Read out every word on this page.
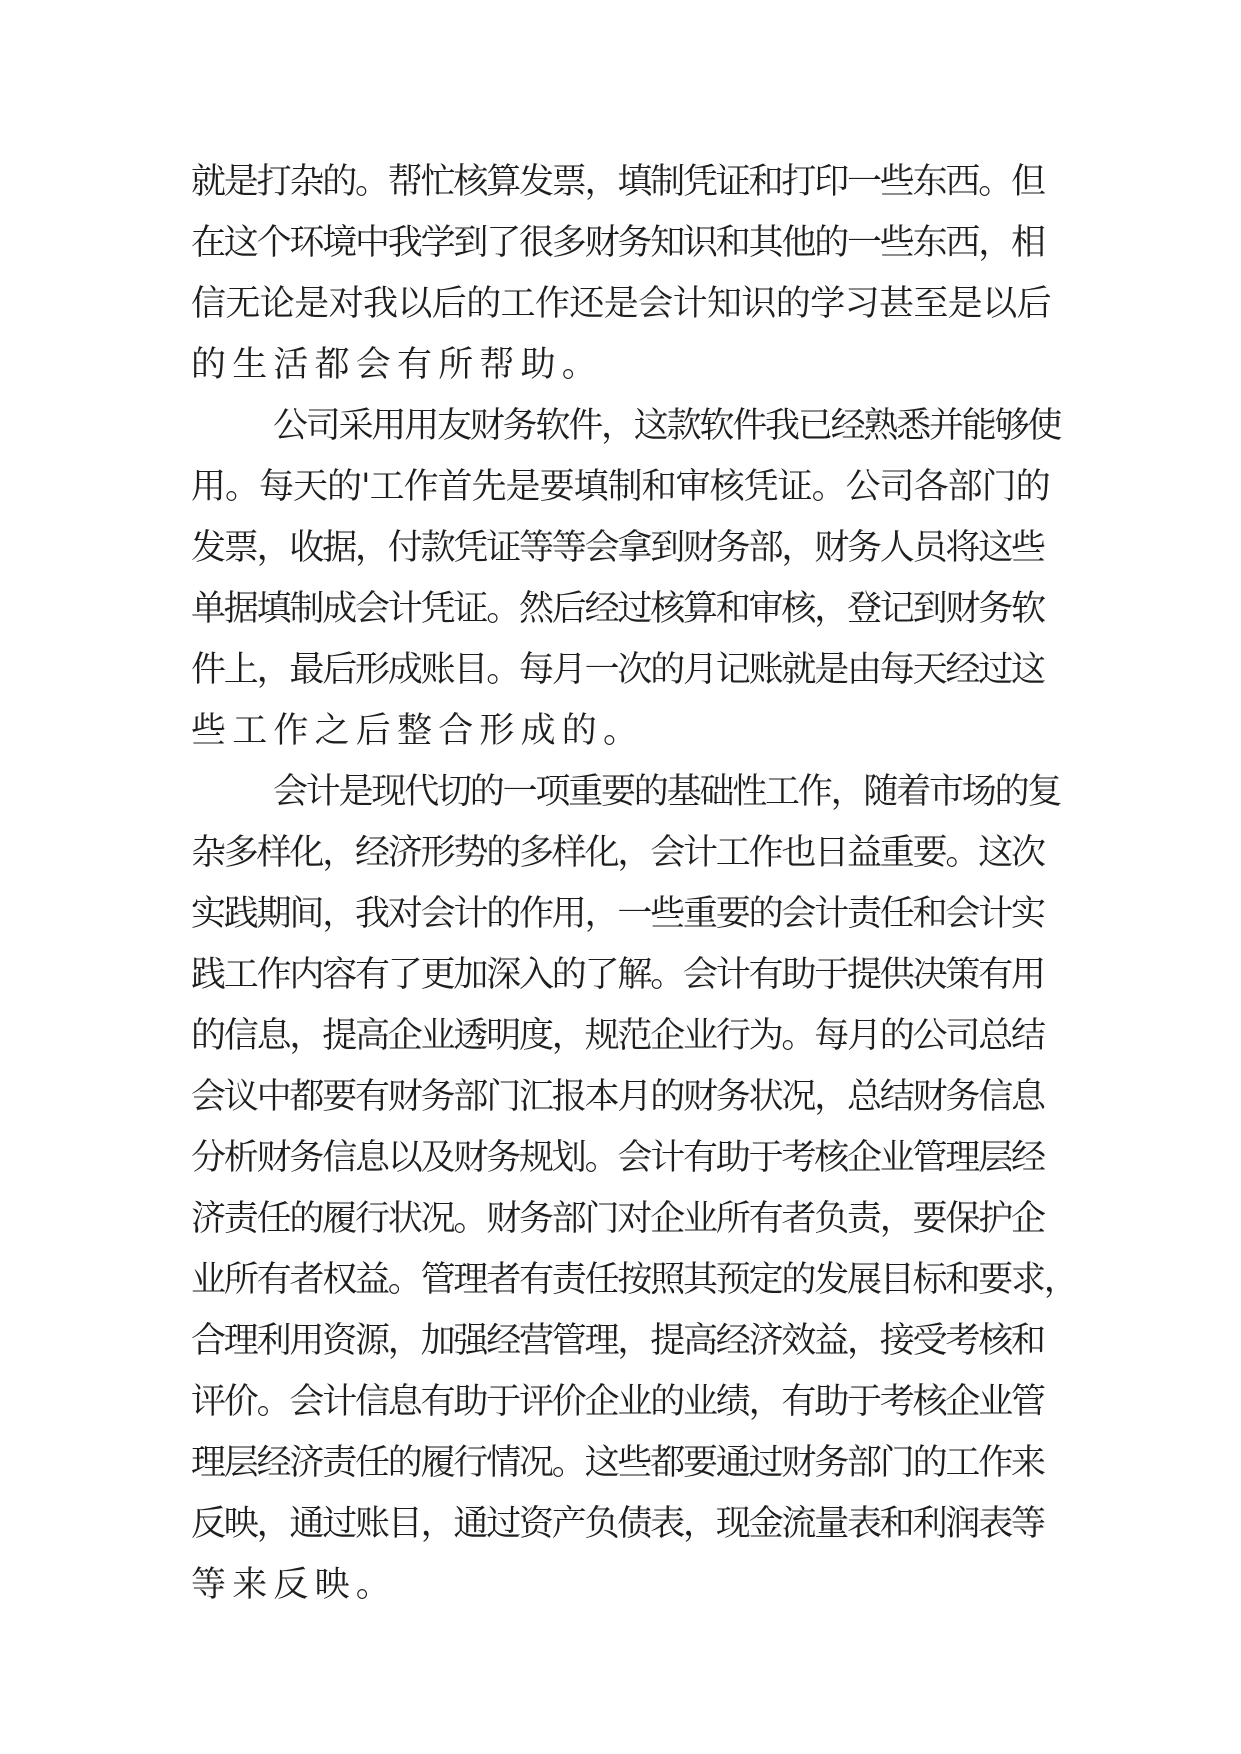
就是打杂的。帮忙核算发票，填制凭证和打印一些东西。但
在这个环境中我学到了很多财务知识和其他的一些东西，相
信无论是对我以后的工作还是会计知识的学习甚至是以后
的生活都会有所帮助。
公司采用用友财务软件，这款软件我已经熟悉并能够使
用。每天的'工作首先是要填制和审核凭证。公司各部门的
发票，收据，付款凭证等等会拿到财务部，财务人员将这些
单据填制成会计凭证。然后经过核算和审核，登记到财务软
件上，最后形成账目。每月一次的月记账就是由每天经过这
些工作之后整合形成的。
会计是现代切的一项重要的基础性工作，随着市场的复
杂多样化，经济形势的多样化，会计工作也日益重要。这次
实践期间，我对会计的作用，一些重要的会计责任和会计实
践工作内容有了更加深入的了解。会计有助于提供决策有用
的信息，提高企业透明度，规范企业行为。每月的公司总结
会议中都要有财务部门汇报本月的财务状况，总结财务信息
分析财务信息以及财务规划。会计有助于考核企业管理层经
济责任的履行状况。财务部门对企业所有者负责，要保护企
业所有者权益。管理者有责任按照其预定的发展目标和要求，
合理利用资源，加强经营管理，提高经济效益，接受考核和
评价。会计信息有助于评价企业的业绩，有助于考核企业管
理层经济责任的履行情况。这些都要通过财务部门的工作来
反映，通过账目，通过资产负债表，现金流量表和利润表等
等来反映。
